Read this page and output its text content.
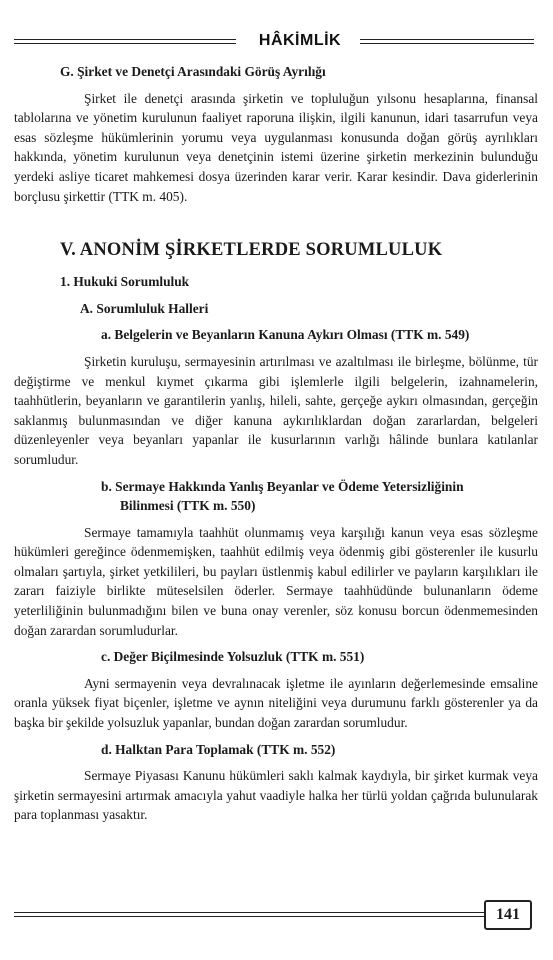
HÂKİMLİK

G. Şirket ve Denetçi Arasındaki Görüş Ayrılığı

Şirket ile denetçi arasında şirketin ve topluluğun yılsonu hesaplarına, finansal tablolarına ve yönetim kurulunun faaliyet raporuna ilişkin, ilgili kanunun, idari tasarrufun veya esas sözleşme hükümlerinin yorumu veya uygulanması konusunda doğan görüş ayrılıkları hakkında, yönetim kurulunun veya denetçinin istemi üzerine şirketin merkezinin bulunduğu yerdeki asliye ticaret mahkemesi dosya üzerinden karar verir. Karar kesindir. Dava giderlerinin borçlusu şirkettir (TTK m. 405).

V. ANONİM ŞİRKETLERDE SORUMLULUK

1. Hukuki Sorumluluk

A. Sorumluluk Halleri

a. Belgelerin ve Beyanların Kanuna Aykırı Olması (TTK m. 549)

Şirketin kuruluşu, sermayesinin artırılması ve azaltılması ile birleşme, bölünme, tür değiştirme ve menkul kıymet çıkarma gibi işlemlerle ilgili belgelerin, izahnamelerin, taahhütlerin, beyanların ve garantilerin yanlış, hileli, sahte, gerçeğe aykırı olmasından, gerçeğin saklanmış bulunmasından ve diğer kanuna aykırılıklardan doğan zararlardan, belgeleri düzenleyenler veya beyanları yapanlar ile kusurlarının varlığı hâlinde bunlara katılanlar sorumludur.

b. Sermaye Hakkında Yanlış Beyanlar ve Ödeme Yetersizliğinin
Bilinmesi (TTK m. 550)

Sermaye tamamıyla taahhüt olunmamış veya karşılığı kanun veya esas sözleşme hükümleri gereğince ödenmemişken, taahhüt edilmiş veya ödenmiş gibi gösterenler ile kusurlu olmaları şartıyla, şirket yetkilileri, bu payları üstlenmiş kabul edilirler ve payların karşılıkları ile zararı faiziyle birlikte müteselsilen öderler. Sermaye taahhüdünde bulunanların ödeme yeterliliğinin bulunmadığını bilen ve buna onay verenler, söz konusu borcun ödenmemesinden doğan zarardan sorumludurlar.

c. Değer Biçilmesinde Yolsuzluk (TTK m. 551)

Ayni sermayenin veya devralınacak işletme ile ayınların değerlemesinde emsaline oranla yüksek fiyat biçenler, işletme ve aynın niteliğini veya durumunu farklı gösterenler ya da başka bir şekilde yolsuzluk yapanlar, bundan doğan zarardan sorumludur.

d. Halktan Para Toplamak (TTK m. 552)

Sermaye Piyasası Kanunu hükümleri saklı kalmak kaydıyla, bir şirket kurmak veya şirketin sermayesini artırmak amacıyla yahut vaadiyle halka her türlü yoldan çağrıda bulunularak para toplanması yasaktır.

141
